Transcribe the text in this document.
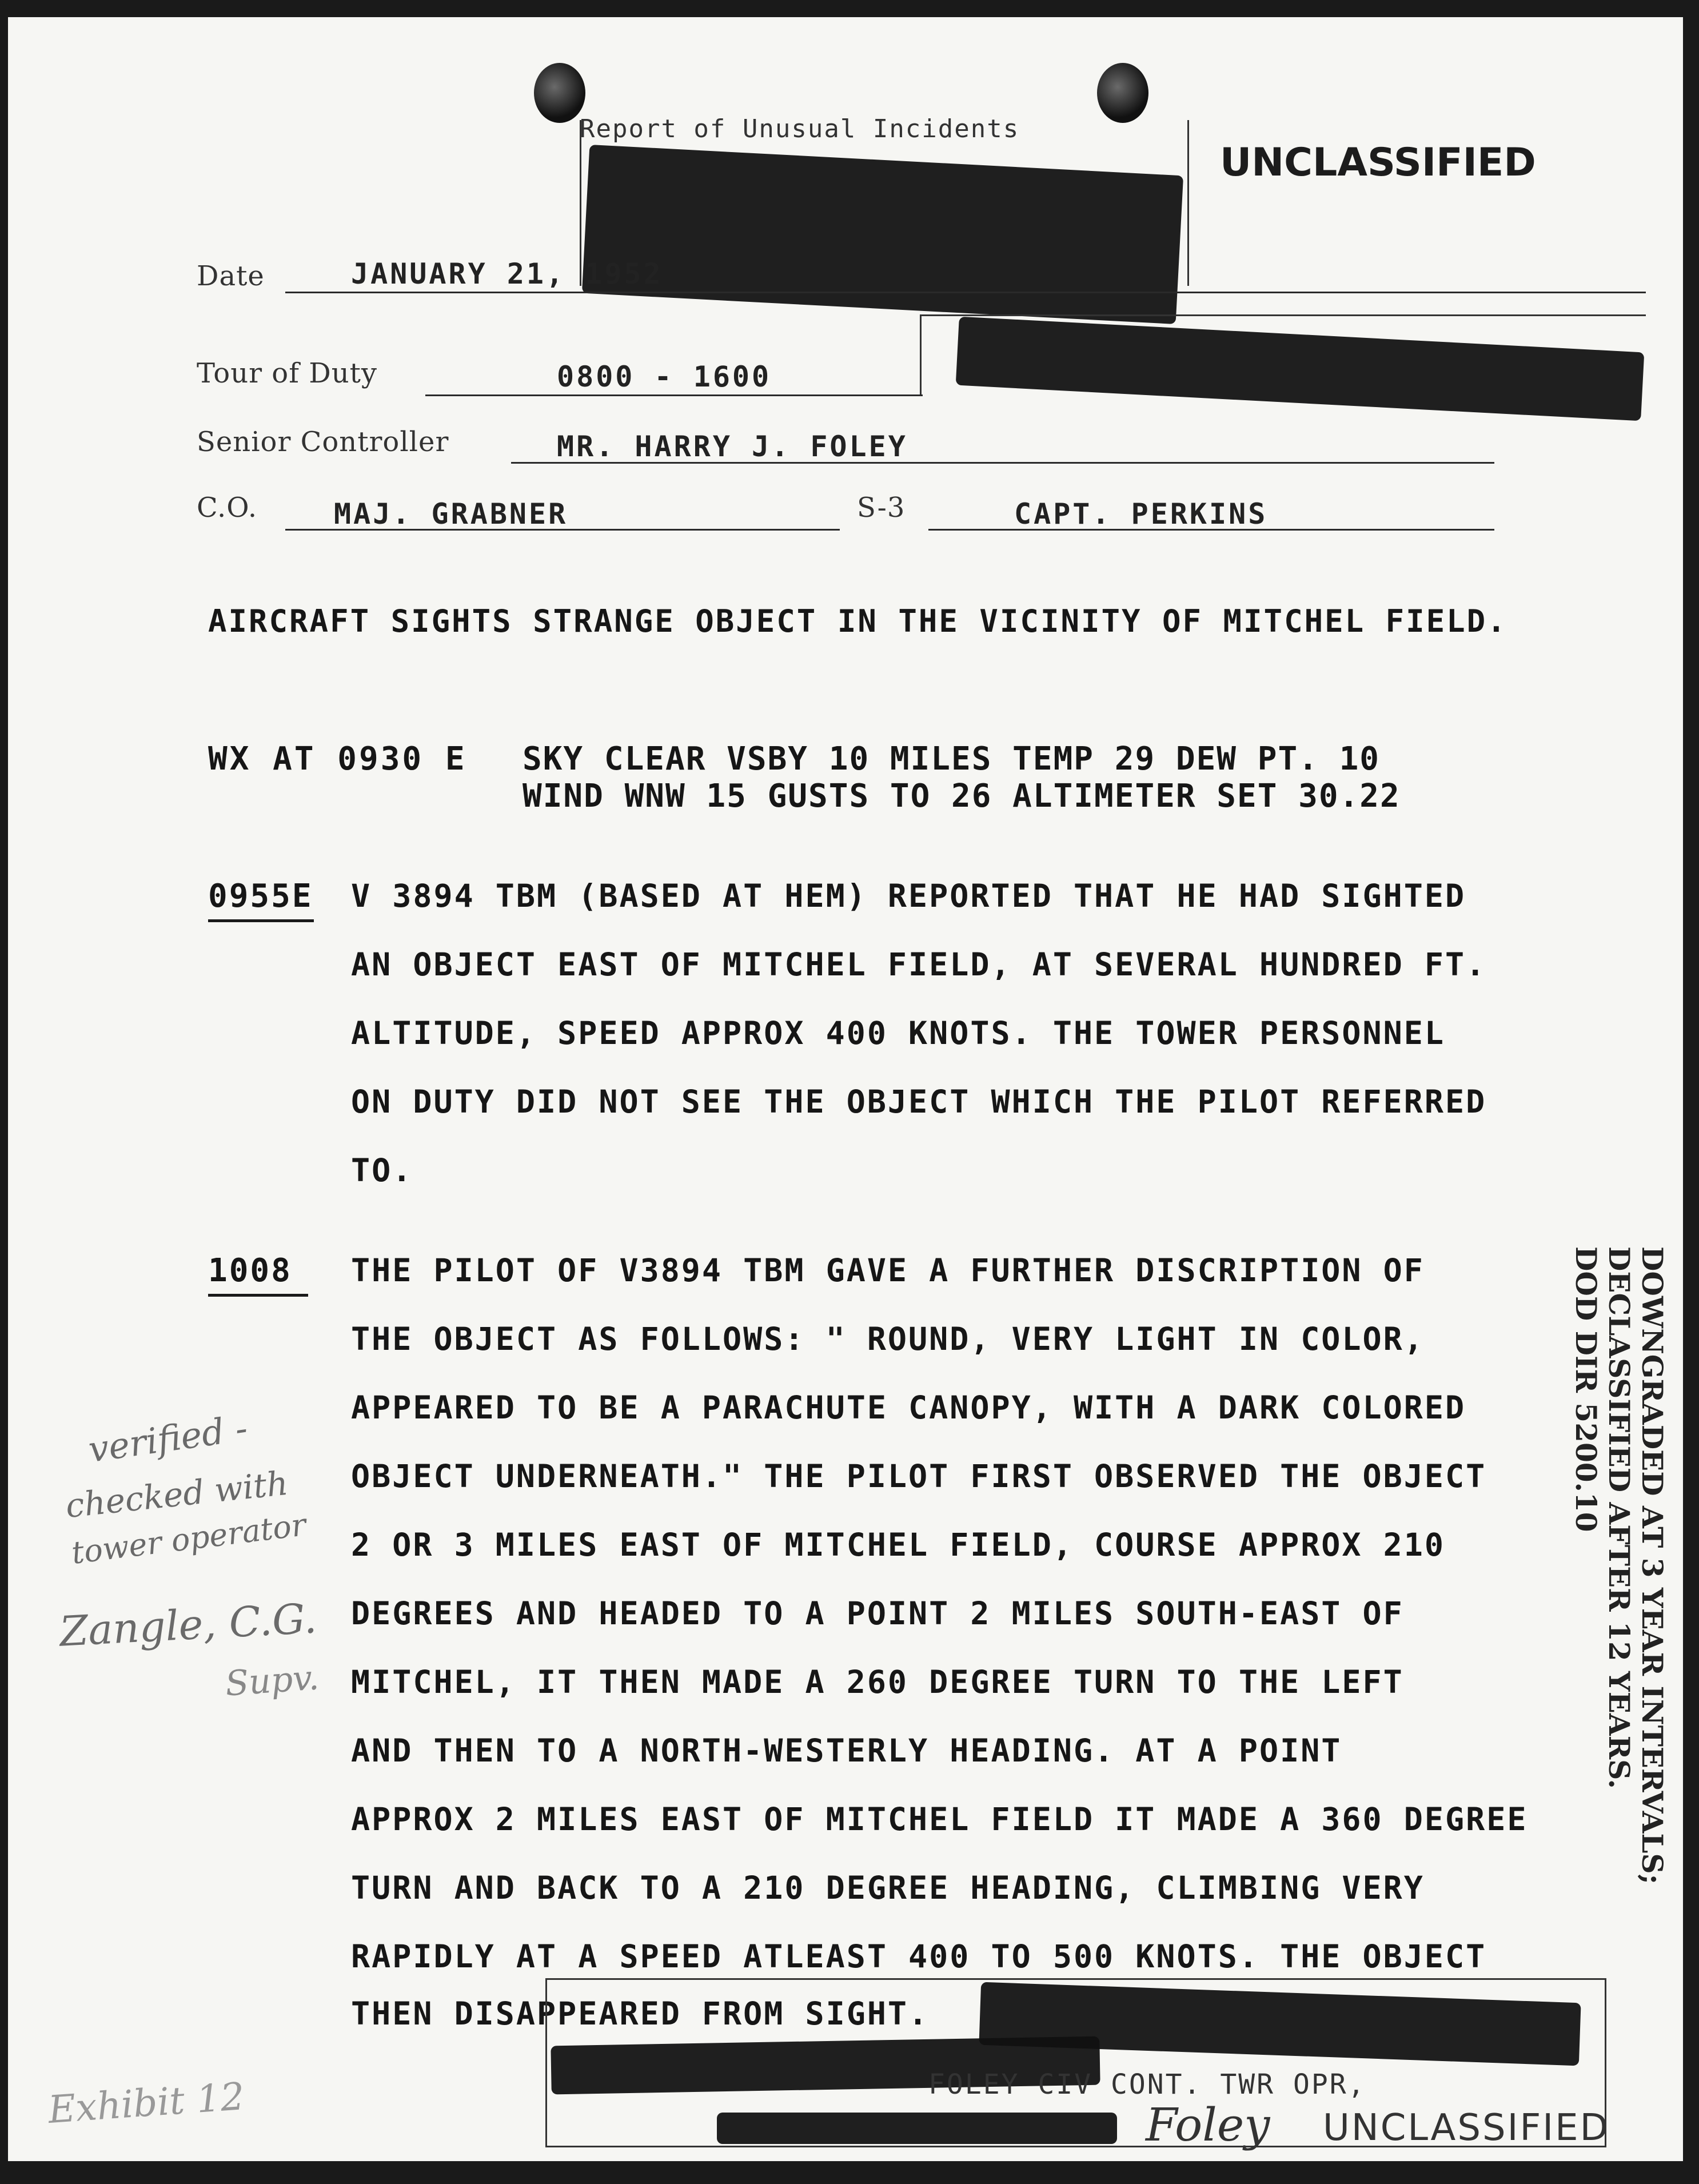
Report of Unusual Incidents
UNCLASSIFIED
Date	JANUARY 21, 1952
Tour of Duty	0800 - 1600
Senior Controller	MR. HARRY J. FOLEY
C.O.	MAJ. GRABNER	S-3	CAPT. PERKINS
AIRCRAFT SIGHTS STRANGE OBJECT IN THE VICINITY OF MITCHEL FIELD.
WX AT 0930 E SKY CLEAR VSBY 10 MILES TEMP 29 DEW PT. 10
WIND WNW 15 GUSTS TO 26 ALTIMETER SET 30.22
0955E V 3894 TBM (BASED AT HEM) REPORTED THAT HE HAD SIGHTED
AN OBJECT EAST OF MITCHEL FIELD, AT SEVERAL HUNDRED FT.
ALTITUDE, SPEED APPROX 400 KNOTS. THE TOWER PERSONNEL
ON DUTY DID NOT SEE THE OBJECT WHICH THE PILOT REFERRED
TO.
1008 THE PILOT OF V3894 TBM GAVE A FURTHER DISCRIPTION OF
THE OBJECT AS FOLLOWS: " ROUND, VERY LIGHT IN COLOR,
APPEARED TO BE A PARACHUTE CANOPY, WITH A DARK COLORED
OBJECT UNDERNEATH." THE PILOT FIRST OBSERVED THE OBJECT
2 OR 3 MILES EAST OF MITCHEL FIELD, COURSE APPROX 210
DEGREES AND HEADED TO A POINT 2 MILES SOUTH-EAST OF
MITCHEL, IT THEN MADE A 260 DEGREE TURN TO THE LEFT
AND THEN TO A NORTH-WESTERLY HEADING. AT A POINT
APPROX 2 MILES EAST OF MITCHEL FIELD IT MADE A 360 DEGREE
TURN AND BACK TO A 210 DEGREE HEADING, CLIMBING VERY
RAPIDLY AT A SPEED ATLEAST 400 TO 500 KNOTS. THE OBJECT
THEN DISAPPEARED FROM SIGHT.
FOLEY CIV CONT. TWR OPR,
Foley UNCLASSIFIED
DOWNGRADED AT 3 YEAR INTERVALS;
DECLASSIFIED AFTER 12 YEARS.
DOD DIR 5200.10
verified -
checked with
tower operator
Zangle, C.G.
Supv.
Exhibit 12
